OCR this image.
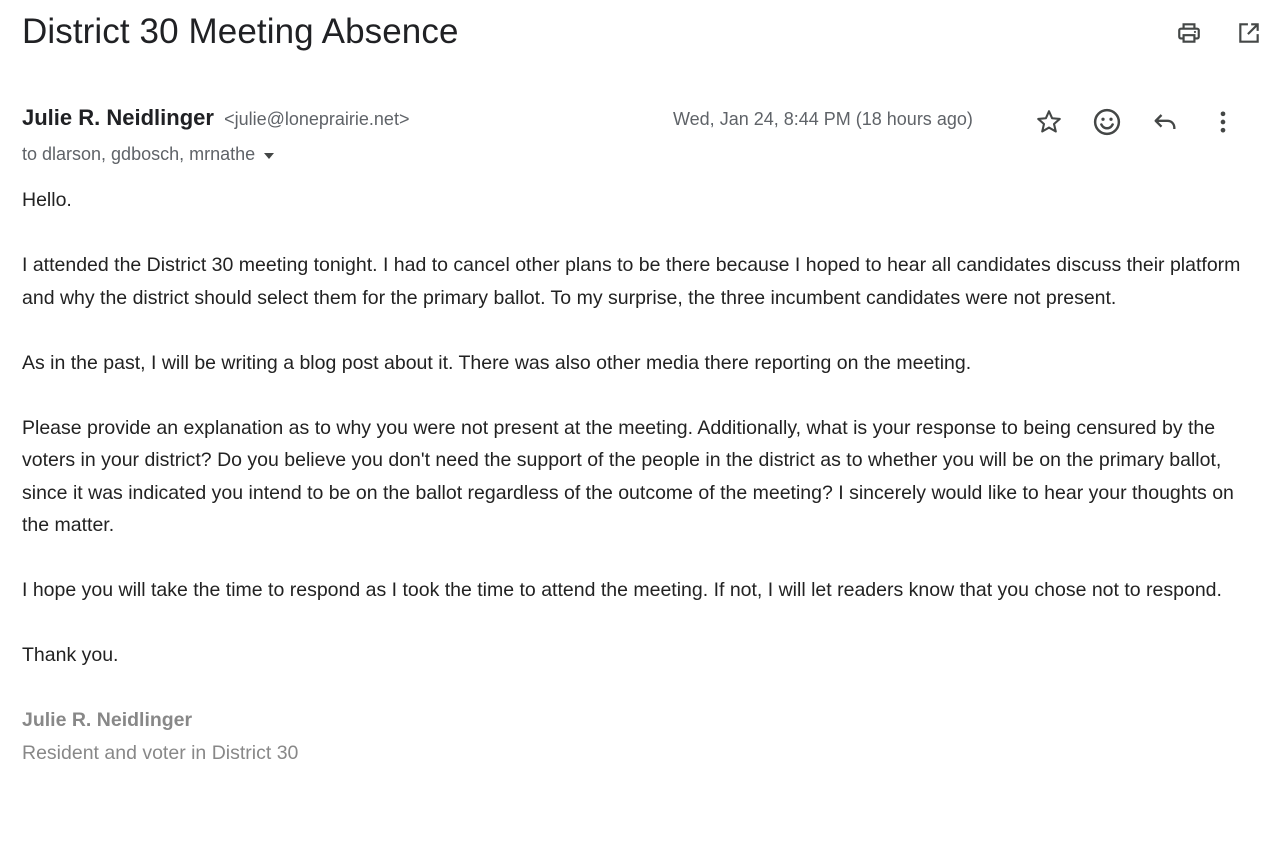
District 30 Meeting Absence
Julie R. Neidlinger <julie@loneprairie.net>
to dlarson, gdbosch, mrnathe
Wed, Jan 24, 8:44 PM (18 hours ago)

Hello.

I attended the District 30 meeting tonight. I had to cancel other plans to be there because I hoped to hear all candidates discuss their platform and why the district should select them for the primary ballot. To my surprise, the three incumbent candidates were not present.

As in the past, I will be writing a blog post about it. There was also other media there reporting on the meeting.

Please provide an explanation as to why you were not present at the meeting. Additionally, what is your response to being censured by the voters in your district? Do you believe you don't need the support of the people in the district as to whether you will be on the primary ballot, since it was indicated you intend to be on the ballot regardless of the outcome of the meeting? I sincerely would like to hear your thoughts on the matter.

I hope you will take the time to respond as I took the time to attend the meeting. If not, I will let readers know that you chose not to respond.

Thank you.

Julie R. Neidlinger
Resident and voter in District 30
